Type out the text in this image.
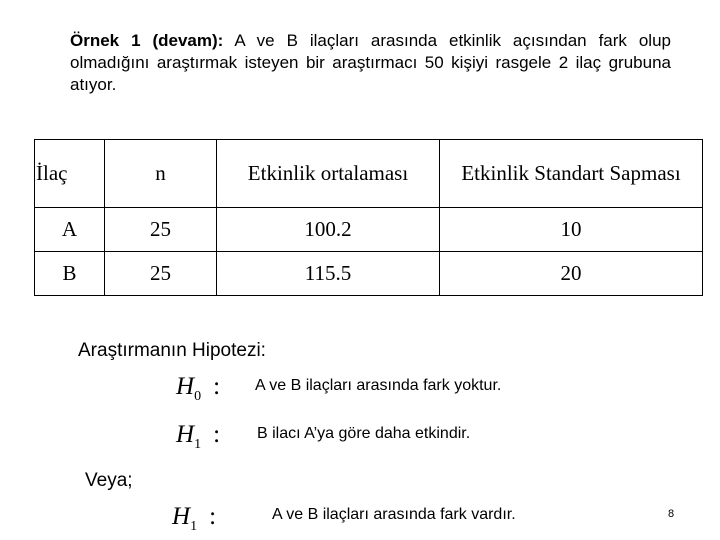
Örnek 1 (devam): A ve B ilaçları arasında etkinlik açısından fark olup olmadığını araştırmak isteyen bir araştırmacı 50 kişiyi rasgele 2 ilaç grubuna atıyor.

İlaç	n	Etkinlik ortalaması	Etkinlik Standart Sapması
A	25	100.2	10
B	25	115.5	20
Araştırmanın Hipotezi:
$H_0$ : A ve B ilaçları arasında fark yoktur.
$H_1$ : B ilacı A’ya göre daha etkindir.
Veya;
$H_1$ :	A ve B ilaçları arasında fark vardır.	8
